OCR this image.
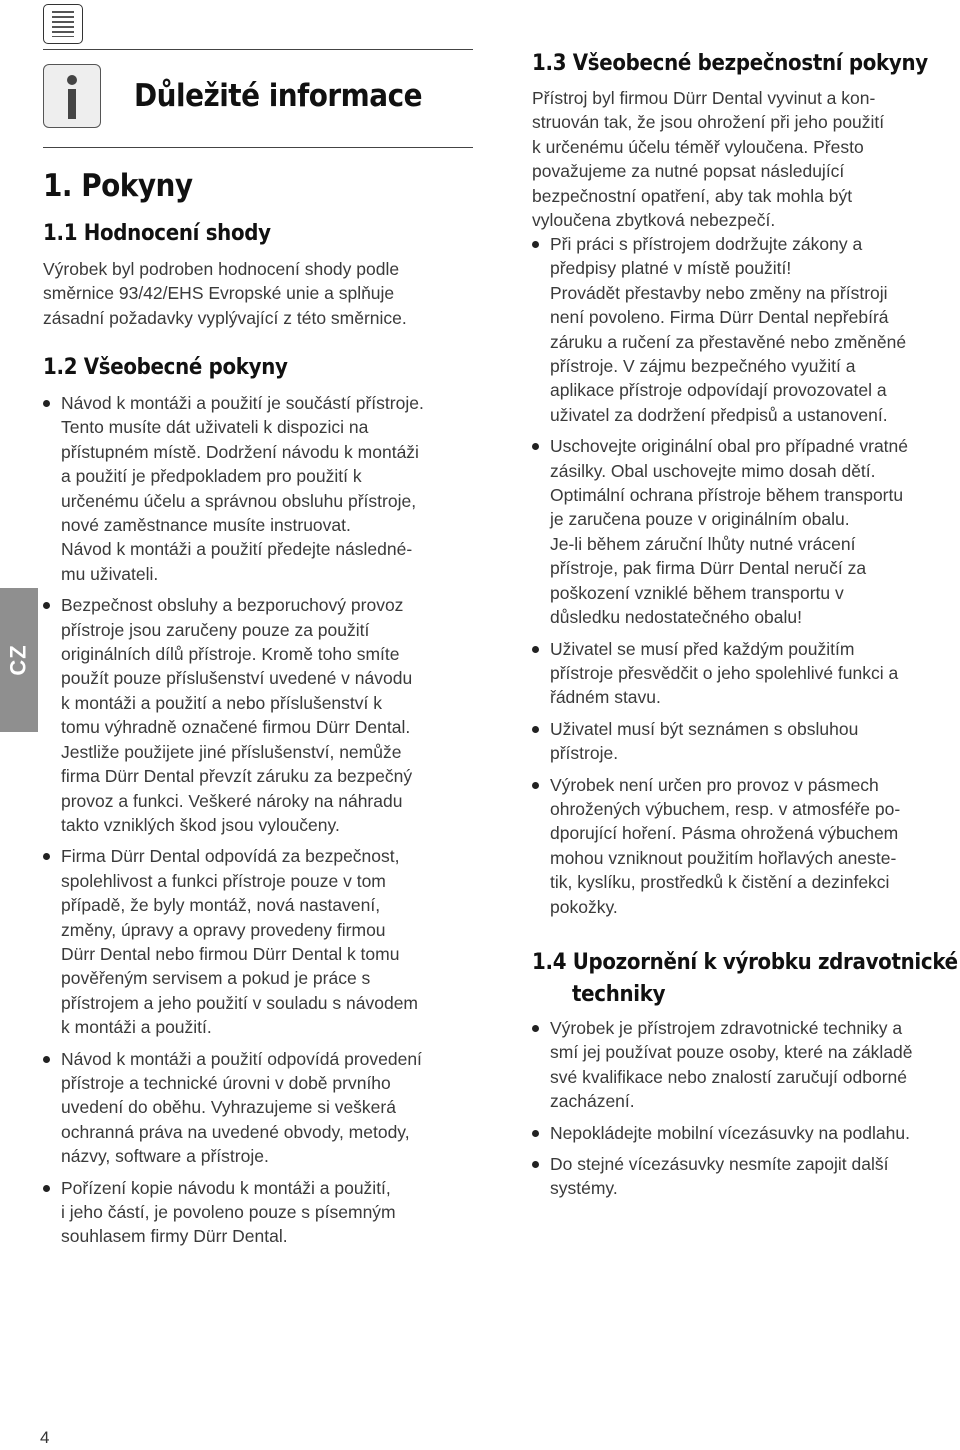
Důležité informace
1. Pokyny
1.1 Hodnocení shody
Výrobek byl podroben hodnocení shody podle
směrnice 93/42/EHS Evropské unie a splňuje
zásadní požadavky vyplývající z této směrnice.
1.2 Všeobecné pokyny
Návod k montáži a použití je součástí přístroje.
Tento musíte dát uživateli k dispozici na
přístupném místě. Dodržení návodu k montáži
a použití je předpokladem pro použití k
určenému účelu a správnou obsluhu přístroje,
nové zaměstnance musíte instruovat.
Návod k montáži a použití předejte následné-
mu uživateli.
Bezpečnost obsluhy a bezporuchový provoz
přístroje jsou zaručeny pouze za použití
originálních dílů přístroje. Kromě toho smíte
použít pouze příslušenství uvedené v návodu
k montáži a použití a nebo příslušenství k
tomu výhradně označené firmou Dürr Dental.
Jestliže použijete jiné příslušenství, nemůže
firma Dürr Dental převzít záruku za bezpečný
provoz a funkci. Veškeré nároky na náhradu
takto vzniklých škod jsou vyloučeny.
Firma Dürr Dental odpovídá za bezpečnost,
spolehlivost a funkci přístroje pouze v tom
případě, že byly montáž, nová nastavení,
změny, úpravy a opravy provedeny firmou
Dürr Dental nebo firmou Dürr Dental k tomu
pověřeným servisem a pokud je práce s
přístrojem a jeho použití v souladu s návodem
k montáži a použití.
Návod k montáži a použití odpovídá provedení
přístroje a technické úrovni v době prvního
uvedení do oběhu. Vyhrazujeme si veškerá
ochranná práva na uvedené obvody, metody,
názvy, software a přístroje.
Pořízení kopie návodu k montáži a použití,
i jeho částí, je povoleno pouze s písemným
souhlasem firmy Dürr Dental.
1.3 Všeobecné bezpečnostní pokyny
Přístroj byl firmou Dürr Dental vyvinut a kon-
struován tak, že jsou ohrožení při jeho použití
k určenému účelu téměř vyloučena. Přesto
považujeme za nutné popsat následující
bezpečnostní opatření, aby tak mohla být
vyloučena zbytková nebezpečí.
Při práci s přístrojem dodržujte zákony a
předpisy platné v místě použití!
Provádět přestavby nebo změny na přístroji
není povoleno. Firma Dürr Dental nepřebírá
záruku a ručení za přestavěné nebo změněné
přístroje. V zájmu bezpečného využití a
aplikace přístroje odpovídají provozovatel a
uživatel za dodržení předpisů a ustanovení.
Uschovejte originální obal pro případné vratné
zásilky. Obal uschovejte mimo dosah dětí.
Optimální ochrana přístroje během transportu
je zaručena pouze v originálním obalu.
Je-li během záruční lhůty nutné vrácení
přístroje, pak firma Dürr Dental neručí za
poškození vzniklé během transportu v
důsledku nedostatečného obalu!
Uživatel se musí před každým použitím
přístroje přesvědčit o jeho spolehlivé funkci a
řádném stavu.
Uživatel musí být seznámen s obsluhou
přístroje.
Výrobek není určen pro provoz v pásmech
ohrožených výbuchem, resp. v atmosféře po-
dporující hoření. Pásma ohrožená výbuchem
mohou vzniknout použitím hořlavých aneste-
tik, kyslíku, prostředků k čistění a dezinfekci
pokožky.
1.4 Upozornění k výrobku zdravotnické
techniky
Výrobek je přístrojem zdravotnické techniky a
smí jej používat pouze osoby, které na základě
své kvalifikace nebo znalostí zaručují odborné
zacházení.
Nepokládejte mobilní vícezásuvky na podlahu.
Do stejné vícezásuvky nesmíte zapojit další
systémy.
CZ
4
